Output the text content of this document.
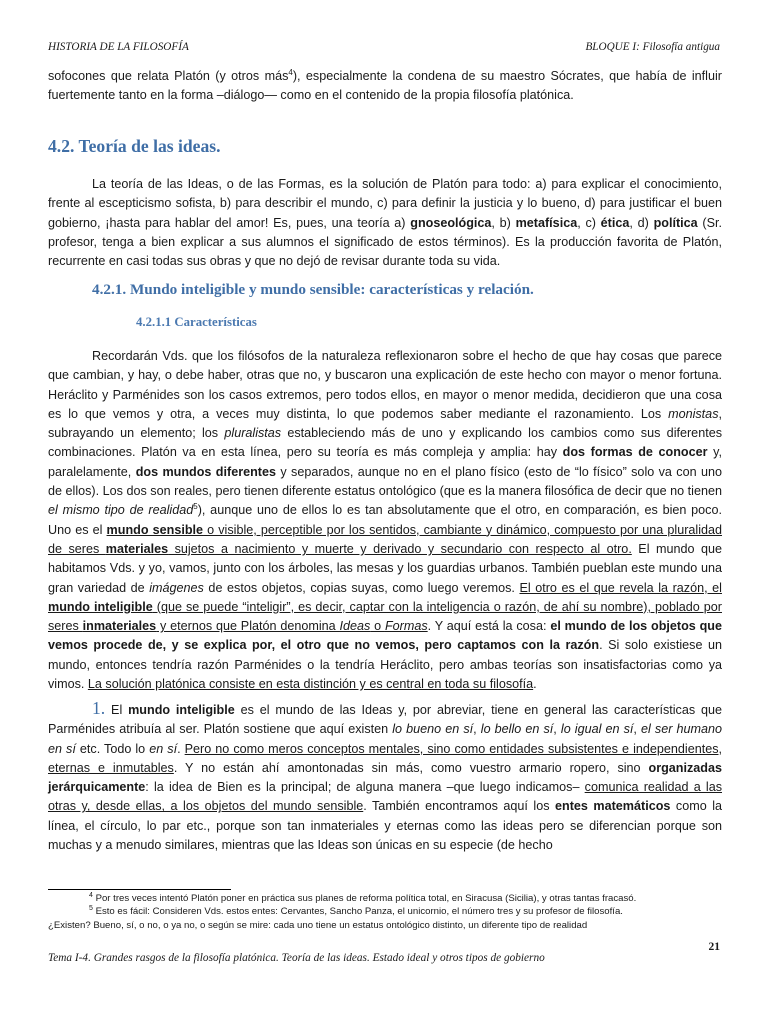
HISTORIA DE LA FILOSOFÍA	BLOQUE I: Filosofía antigua

sofocones que relata Platón (y otros más$^4$), especialmente la condena de su maestro Sócrates, que había de influir fuertemente tanto en la forma –diálogo— como en el contenido de la propia filosofía platónica.

4.2. Teoría de las ideas.

La teoría de las Ideas, o de las Formas, es la solución de Platón para todo: a) para explicar el conocimiento, frente al escepticismo sofista, b) para describir el mundo, c) para definir la justicia y lo bueno, d) para justificar el buen gobierno, ¡hasta para hablar del amor! Es, pues, una teoría a) gnoseológica, b) metafísica, c) ética, d) política (Sr. profesor, tenga a bien explicar a sus alumnos el significado de estos términos). Es la producción favorita de Platón, recurrente en casi todas sus obras y que no dejó de revisar durante toda su vida.

4.2.1. Mundo inteligible y mundo sensible: características y relación.
4.2.1.1 Características

Recordarán Vds. que los filósofos de la naturaleza reflexionaron sobre el hecho de que hay cosas que parece que cambian, y hay, o debe haber, otras que no, y buscaron una explicación de este hecho con mayor o menor fortuna. Heráclito y Parménides son los casos extremos, pero todos ellos, en mayor o menor medida, decidieron que una cosa es lo que vemos y otra, a veces muy distinta, lo que podemos saber mediante el razonamiento. Los monistas, subrayando un elemento; los pluralistas estableciendo más de uno y explicando los cambios como sus diferentes combinaciones. Platón va en esta línea, pero su teoría es más compleja y amplia: hay dos formas de conocer y, paralelamente, dos mundos diferentes y separados, aunque no en el plano físico (esto de “lo físico” solo va con uno de ellos). Los dos son reales, pero tienen diferente estatus ontológico (que es la manera filosófica de decir que no tienen el mismo tipo de realidad$^5$), aunque uno de ellos lo es tan absolutamente que el otro, en comparación, es bien poco. Uno es el mundo sensible o visible, perceptible por los sentidos, cambiante y dinámico, compuesto por una pluralidad de seres materiales sujetos a nacimiento y muerte y derivado y secundario con respecto al otro. El mundo que habitamos Vds. y yo, vamos, junto con los árboles, las mesas y los guardias urbanos. También pueblan este mundo una gran variedad de imágenes de estos objetos, copias suyas, como luego veremos. El otro es el que revela la razón, el mundo inteligible (que se puede “inteligir”, es decir, captar con la inteligencia o razón, de ahí su nombre), poblado por seres inmateriales y eternos que Platón denomina Ideas o Formas. Y aquí está la cosa: el mundo de los objetos que vemos procede de, y se explica por, el otro que no vemos, pero captamos con la razón. Si solo existiese un mundo, entonces tendría razón Parménides o la tendría Heráclito, pero ambas teorías son insatisfactorias como ya vimos. La solución platónica consiste en esta distinción y es central en toda su filosofía.

1. El mundo inteligible es el mundo de las Ideas y, por abreviar, tiene en general las características que Parménides atribuía al ser. Platón sostiene que aquí existen lo bueno en sí, lo bello en sí, lo igual en sí, el ser humano en sí etc. Todo lo en sí. Pero no como meros conceptos mentales, sino como entidades subsistentes e independientes, eternas e inmutables. Y no están ahí amontonadas sin más, como vuestro armario ropero, sino organizadas jerárquicamente: la idea de Bien es la principal; de alguna manera –que luego indicamos– comunica realidad a las otras y, desde ellas, a los objetos del mundo sensible. También encontramos aquí los entes matemáticos como la línea, el círculo, lo par etc., porque son tan inmateriales y eternas como las ideas pero se diferencian porque son muchas y a menudo similares, mientras que las Ideas son únicas en su especie (de hecho

$^4$ Por tres veces intentó Platón poner en práctica sus planes de reforma política total, en Siracusa (Sicilia), y otras tantas fracasó.

$^5$ Esto es fácil: Consideren Vds. estos entes: Cervantes, Sancho Panza, el unicornio, el número tres y su profesor de filosofía.

¿Existen? Bueno, sí, o no, o ya no, o según se mire: cada uno tiene un estatus ontológico distinto, un diferente tipo de realidad

21
Tema I-4. Grandes rasgos de la filosofía platónica. Teoría de las ideas. Estado ideal y otros tipos de gobierno
